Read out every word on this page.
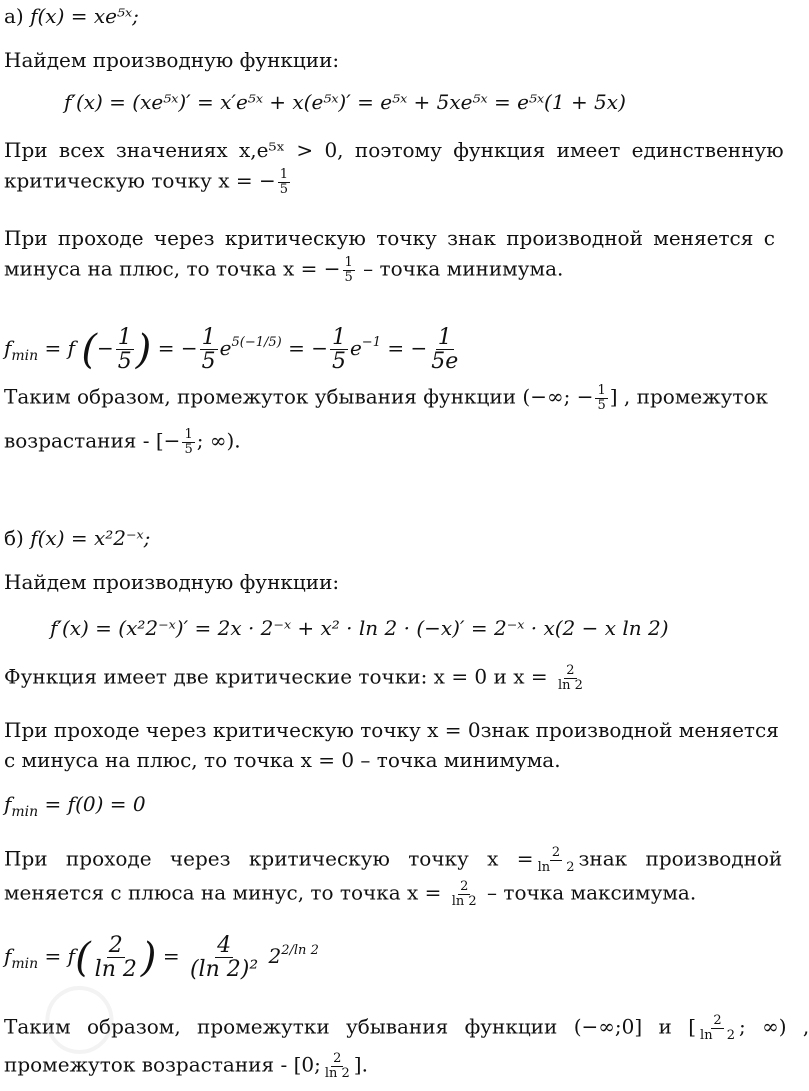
а) f(x) = xe⁵ˣ;
Найдем производную функции:
f′(x) = (xe⁵ˣ)′ = x′e⁵ˣ + x(e⁵ˣ)′ = e⁵ˣ + 5xe⁵ˣ = e⁵ˣ(1 + 5x)
При всех значениях x,e⁵ˣ > 0, поэтому функция имеет единственную
критическую точку x = − $\frac{1}{5}$
При проходе через критическую точку знак производной меняется с
минуса на плюс, то точка x = − $\frac{1}{5}$ – точка минимума.
$f_{min} = f$ (− $\frac{1}{5}$ ) = − $\frac{1}{5} e^{5(-1/5)}$ = − $\frac{1}{5} e^{-1}$ = − $\frac{1}{5e}$
Таким образом, промежуток убывания функции (−∞; − $\frac{1}{5}$ ] , промежуток
возрастания - [− $\frac{1}{5}$ ; ∞).
б) f(x) = x²2⁻ˣ;
Найдем производную функции:
f′(x) = (x²2⁻ˣ)′ = 2x · 2⁻ˣ + x² · ln 2 · (−x)′ = 2⁻ˣ · x(2 − x ln 2)
Функция имеет две критические точки: x = 0 и $x = \frac{2}{\ln 2}$
При проходе через критическую точку x = 0знак производной меняется
с минуса на плюс, то точка x = 0 – точка минимума.
$f_{min} = f(0) = 0$
При проходе через критическую точку $x = \frac{2}{\ln 2}$ знак производной
меняется с плюса на минус, то точка $x = \frac{2}{\ln 2}$ – точка максимума.
$f_{min} = f( \frac{2}{\ln 2}$ ) = $\frac{4}{\text{(ln 2)²}} 2^{2/ln 2}$
Таким образом, промежутки убывания функции (−∞;0] и [ $\frac{2}{\ln 2}$ ; ∞) ,
промежуток возрастания - [0; $\frac{2}{\ln 2}$ ].
